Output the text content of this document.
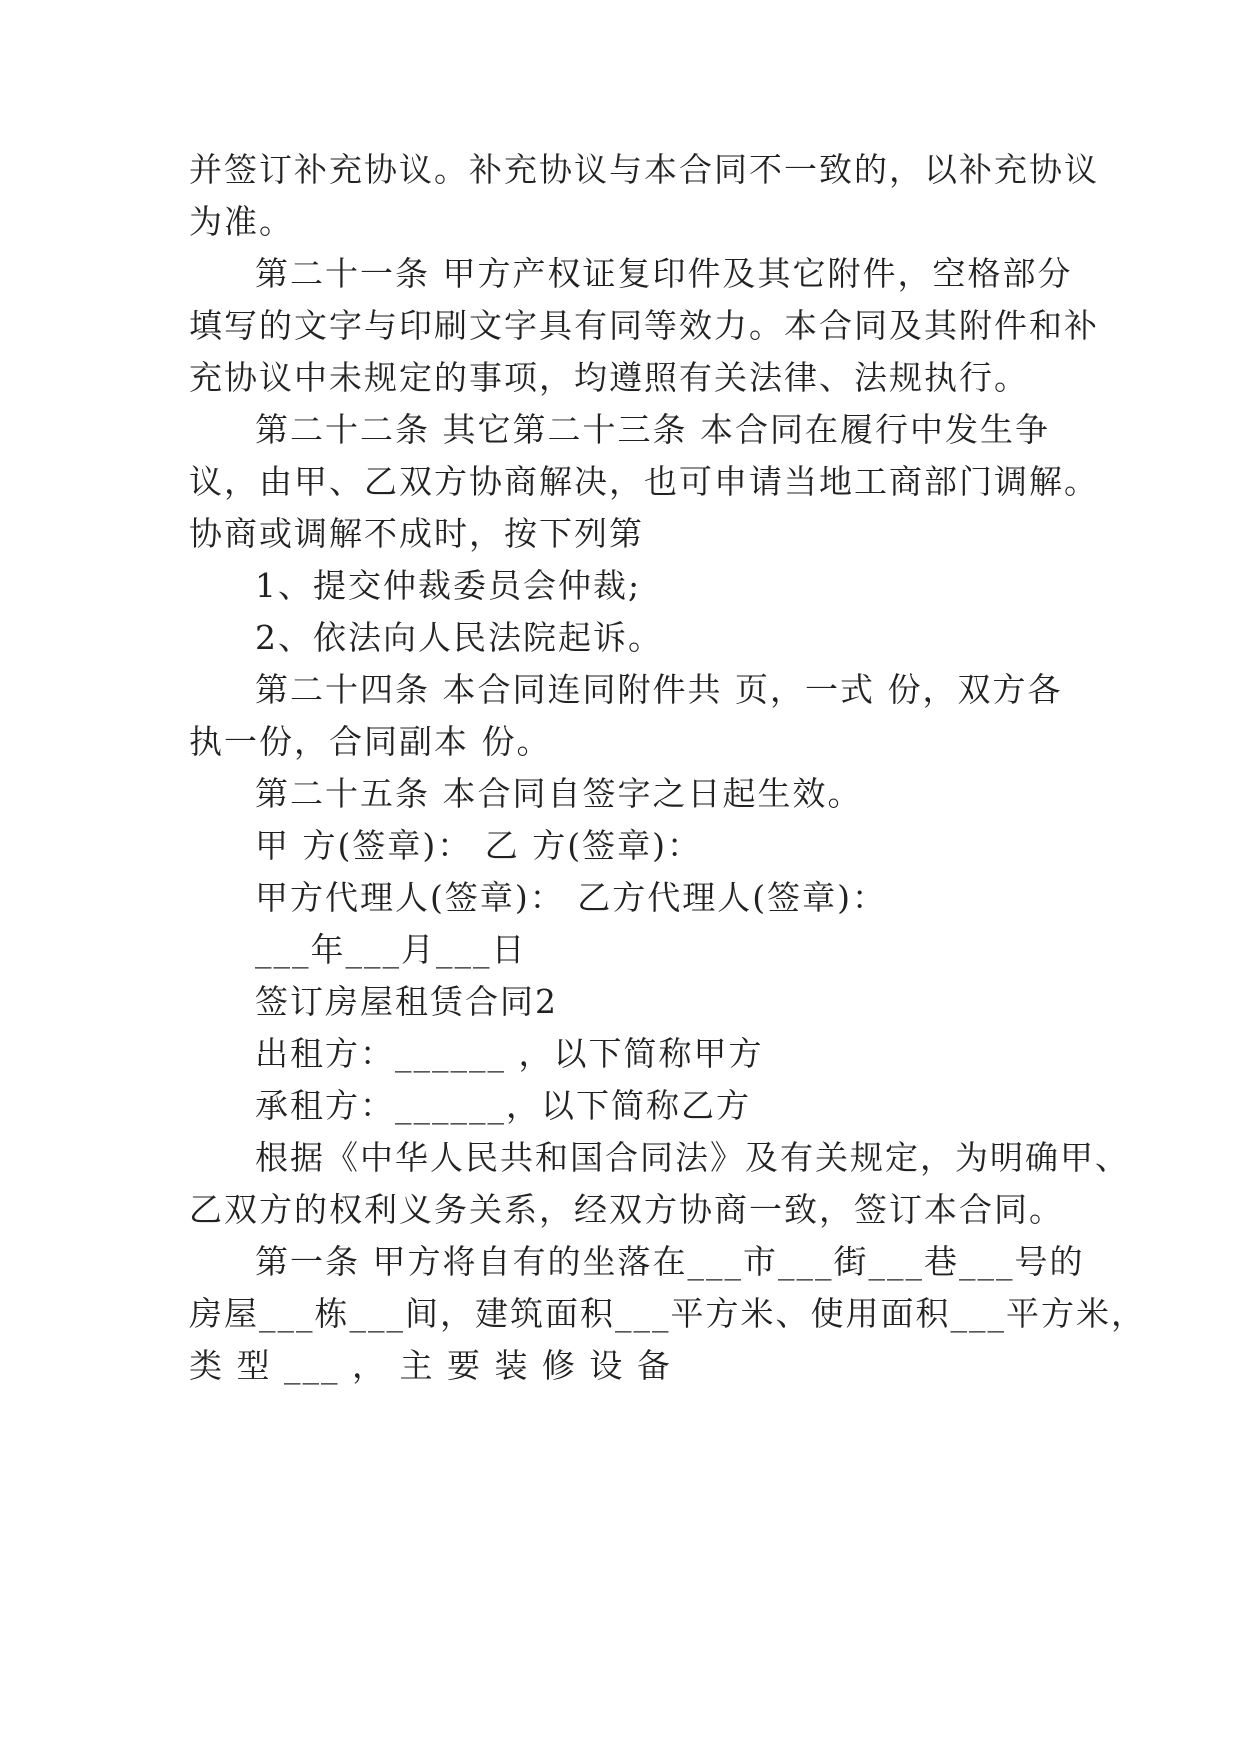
并签订补充协议。补充协议与本合同不一致的，以补充协议
为准。
第二十一条 甲方产权证复印件及其它附件，空格部分
填写的文字与印刷文字具有同等效力。本合同及其附件和补
充协议中未规定的事项，均遵照有关法律、法规执行。
第二十二条 其它第二十三条 本合同在履行中发生争
议，由甲、乙双方协商解决，也可申请当地工商部门调解。
协商或调解不成时，按下列第
1、提交仲裁委员会仲裁;
2、依法向人民法院起诉。
第二十四条 本合同连同附件共 页，一式 份，双方各
执一份，合同副本 份。
第二十五条 本合同自签字之日起生效。
甲 方(签章)： 乙 方(签章)：
甲方代理人(签章)： 乙方代理人(签章)：
___年___月___日
签订房屋租赁合同2
出租方：______ ，以下简称甲方
承租方：______，以下简称乙方
根据《中华人民共和国合同法》及有关规定，为明确甲、
乙双方的权利义务关系，经双方协商一致，签订本合同。
第一条 甲方将自有的坐落在___市___街___巷___号的
房屋___栋___间，建筑面积___平方米、使用面积___平方米，
类 型 ___ ， 主 要 装 修 设 备
